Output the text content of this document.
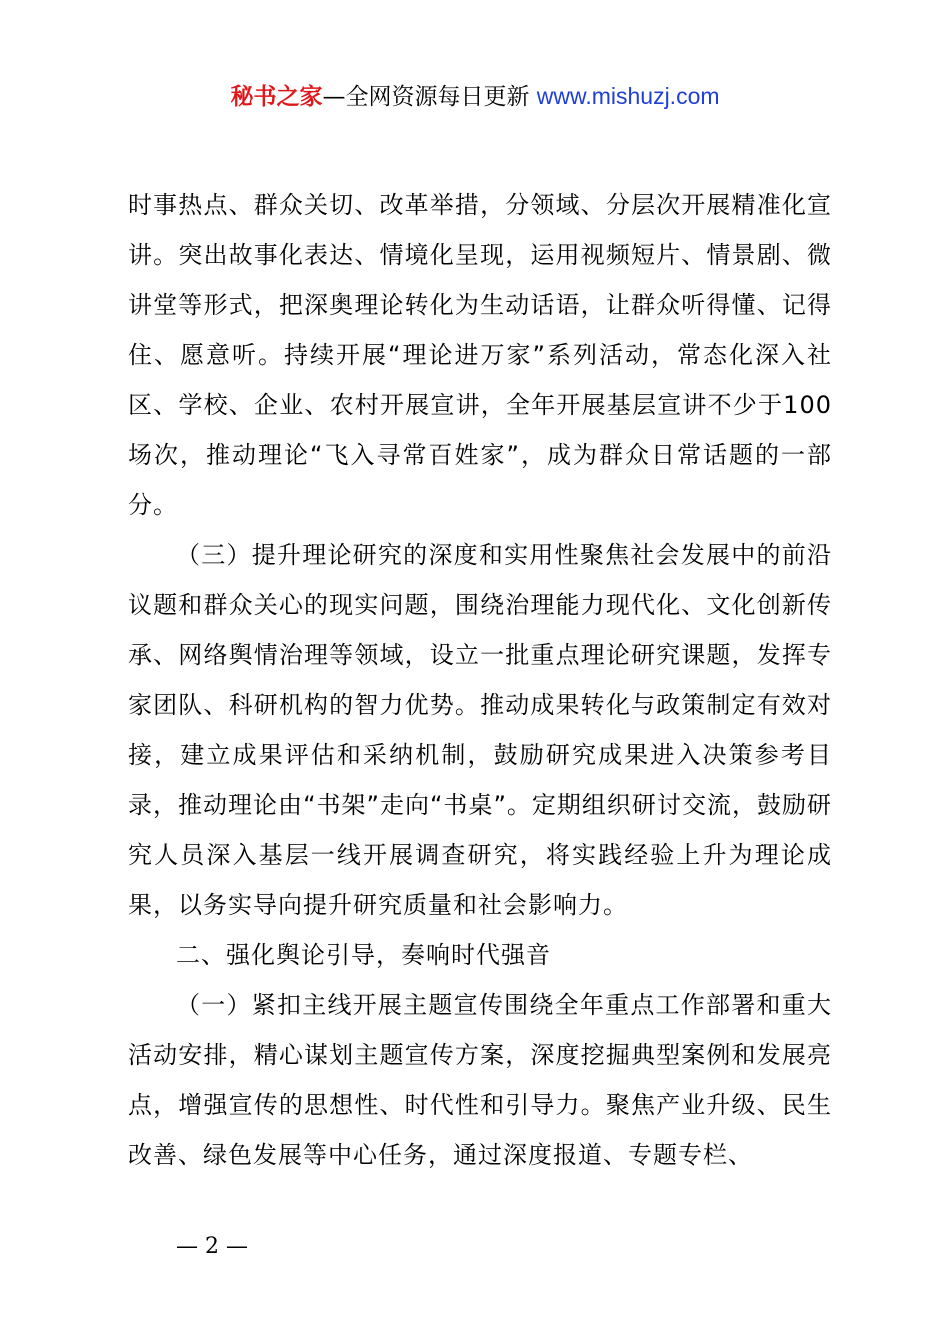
秘书之家—全网资源每日更新 www.mishuzj.com

时事热点、群众关切、改革举措，分领域、分层次开展精准化宣讲。突出故事化表达、情境化呈现，运用视频短片、情景剧、微讲堂等形式，把深奥理论转化为生动话语，让群众听得懂、记得住、愿意听。持续开展“理论进万家”系列活动，常态化深入社区、学校、企业、农村开展宣讲，全年开展基层宣讲不少于100场次，推动理论“飞入寻常百姓家”，成为群众日常话题的一部分。

（三）提升理论研究的深度和实用性聚焦社会发展中的前沿议题和群众关心的现实问题，围绕治理能力现代化、文化创新传承、网络舆情治理等领域，设立一批重点理论研究课题，发挥专家团队、科研机构的智力优势。推动成果转化与政策制定有效对接，建立成果评估和采纳机制，鼓励研究成果进入决策参考目录，推动理论由“书架”走向“书桌”。定期组织研讨交流，鼓励研究人员深入基层一线开展调查研究，将实践经验上升为理论成果，以务实导向提升研究质量和社会影响力。

二、强化舆论引导，奏响时代强音

（一）紧扣主线开展主题宣传围绕全年重点工作部署和重大活动安排，精心谋划主题宣传方案，深度挖掘典型案例和发展亮点，增强宣传的思想性、时代性和引导力。聚焦产业升级、民生改善、绿色发展等中心任务，通过深度报道、专题专栏、

— 2 —
